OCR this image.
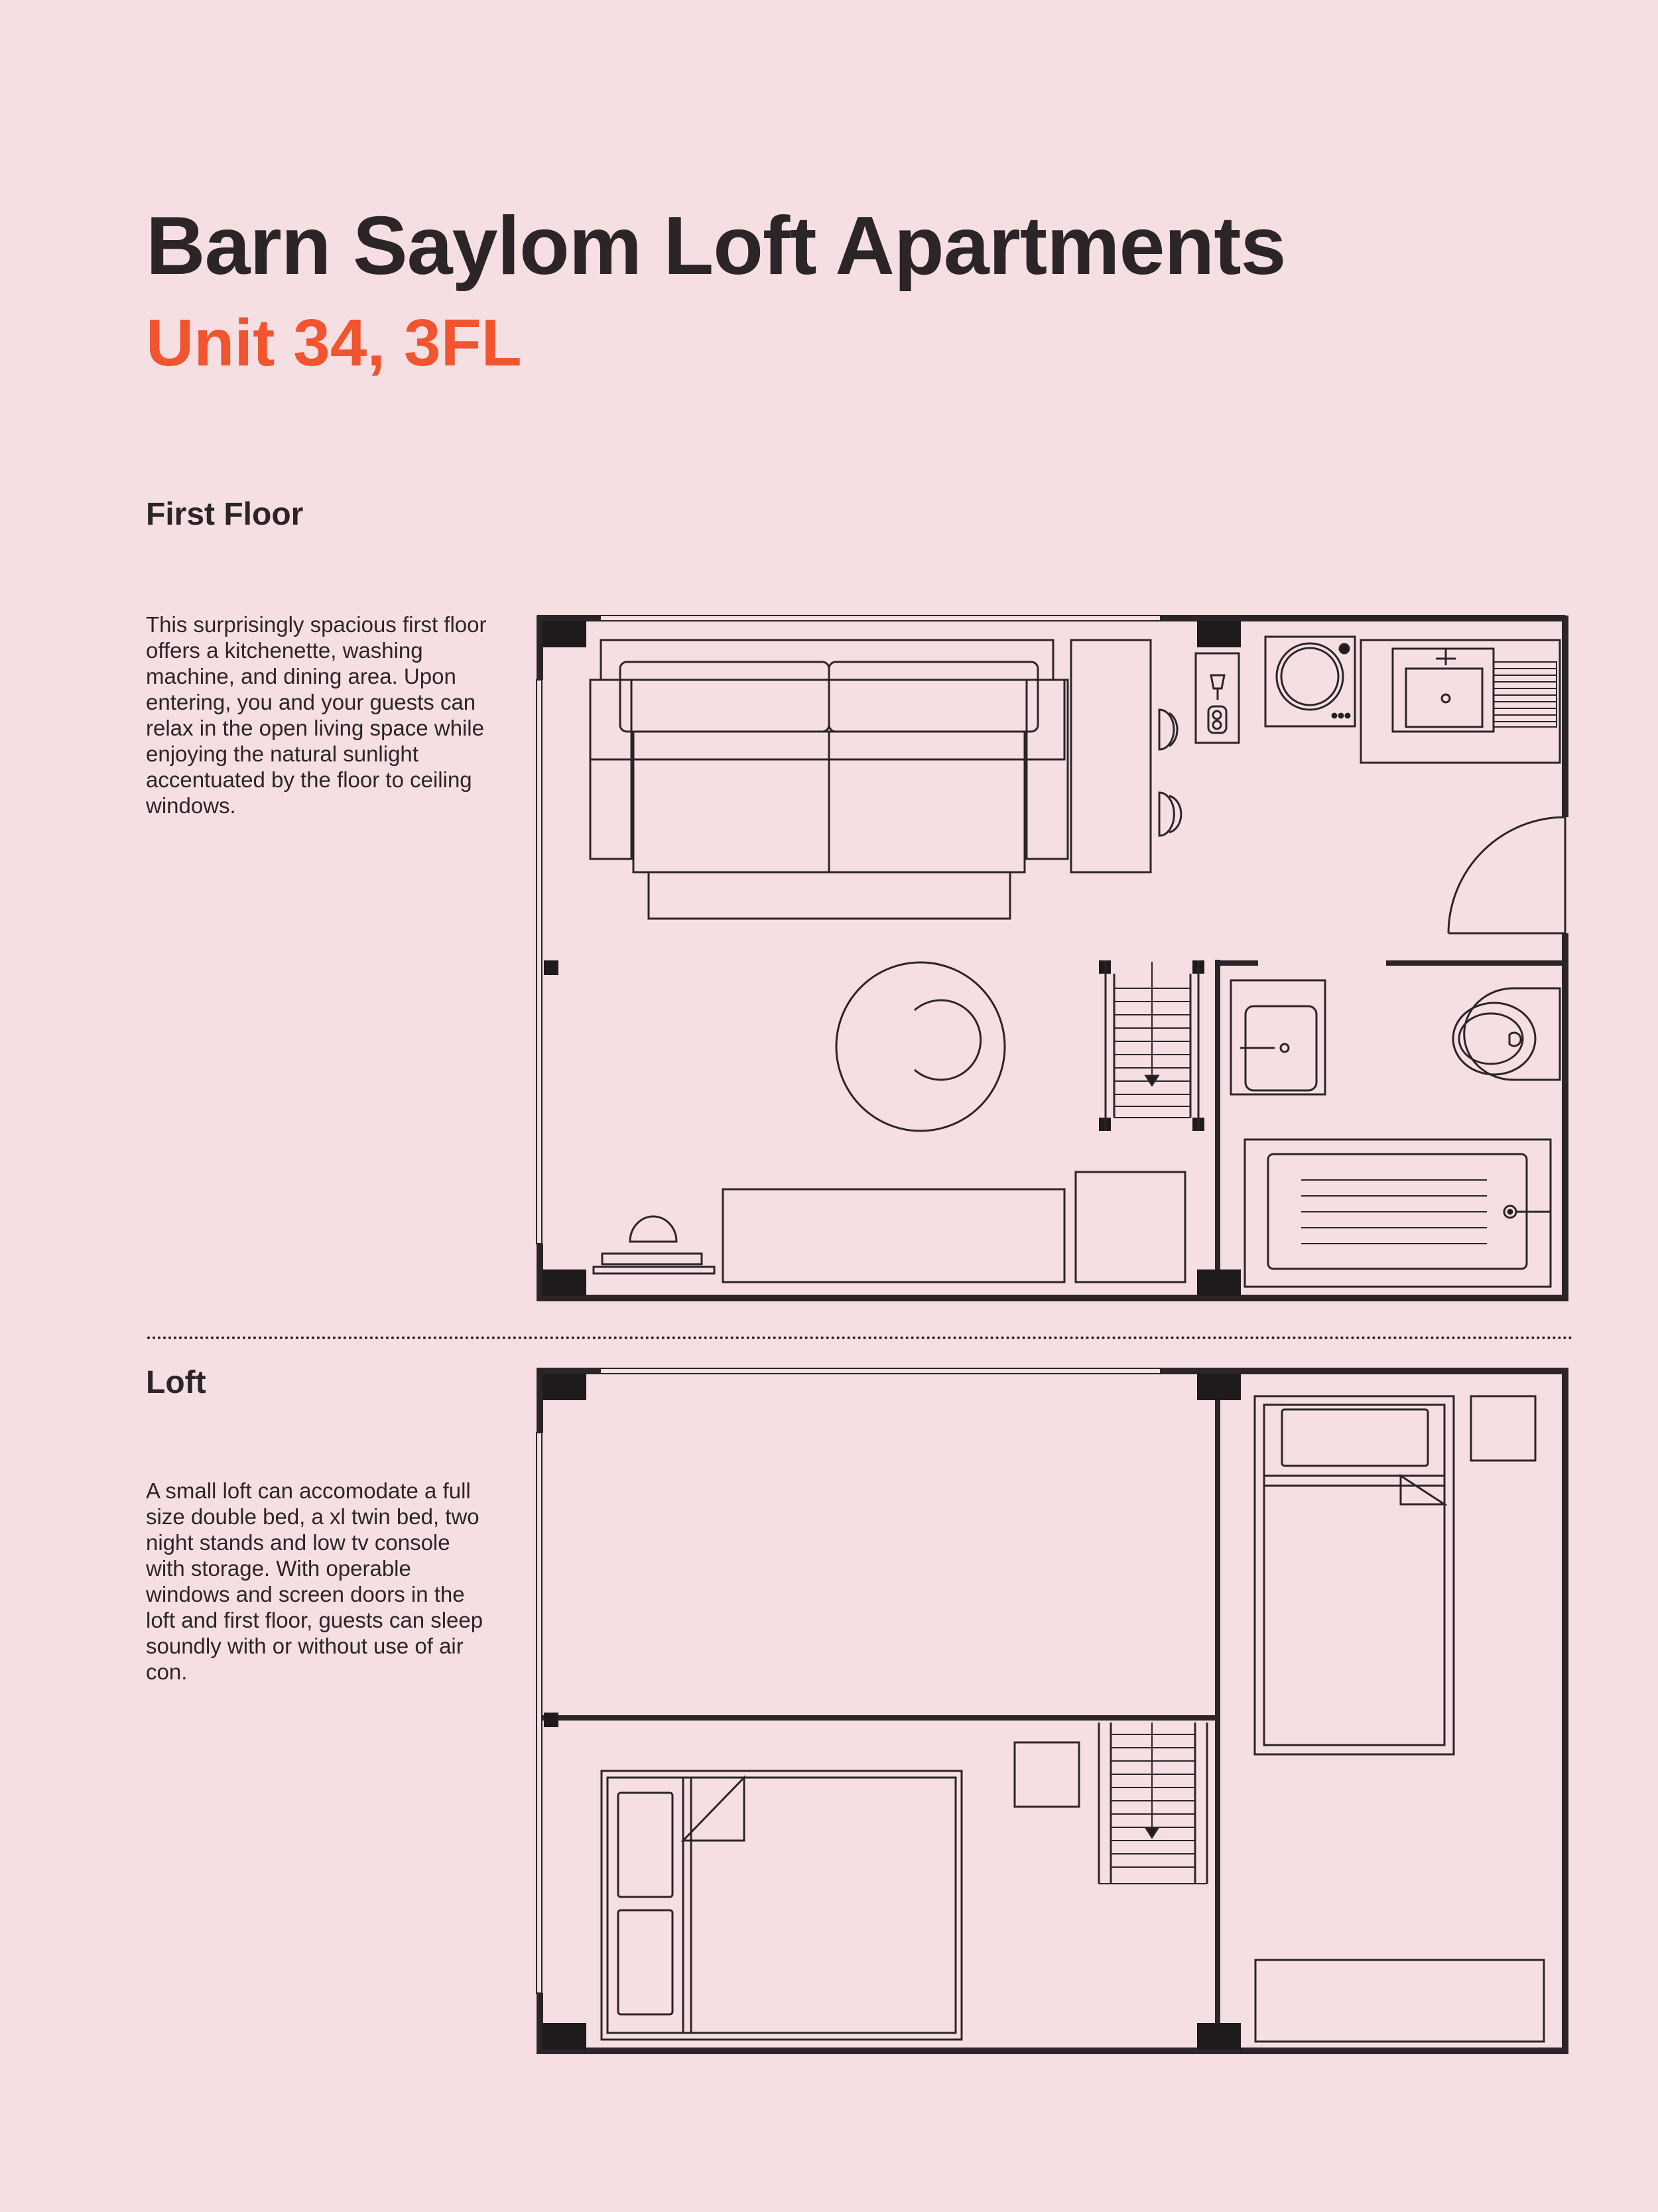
Barn Saylom Loft Apartments
Unit 34, 3FL
First Floor

This surprisingly spacious first floor offers a kitchenette, washing machine, and dining area. Upon entering, you and your guests can relax in the open living space while enjoying the natural sunlight accentuated by the floor to ceiling windows.

Loft

A small loft can accomodate a full size double bed, a xl twin bed, two night stands and low tv console with storage. With operable windows and screen doors in the loft and first floor, guests can sleep soundly with or without use of air con.
